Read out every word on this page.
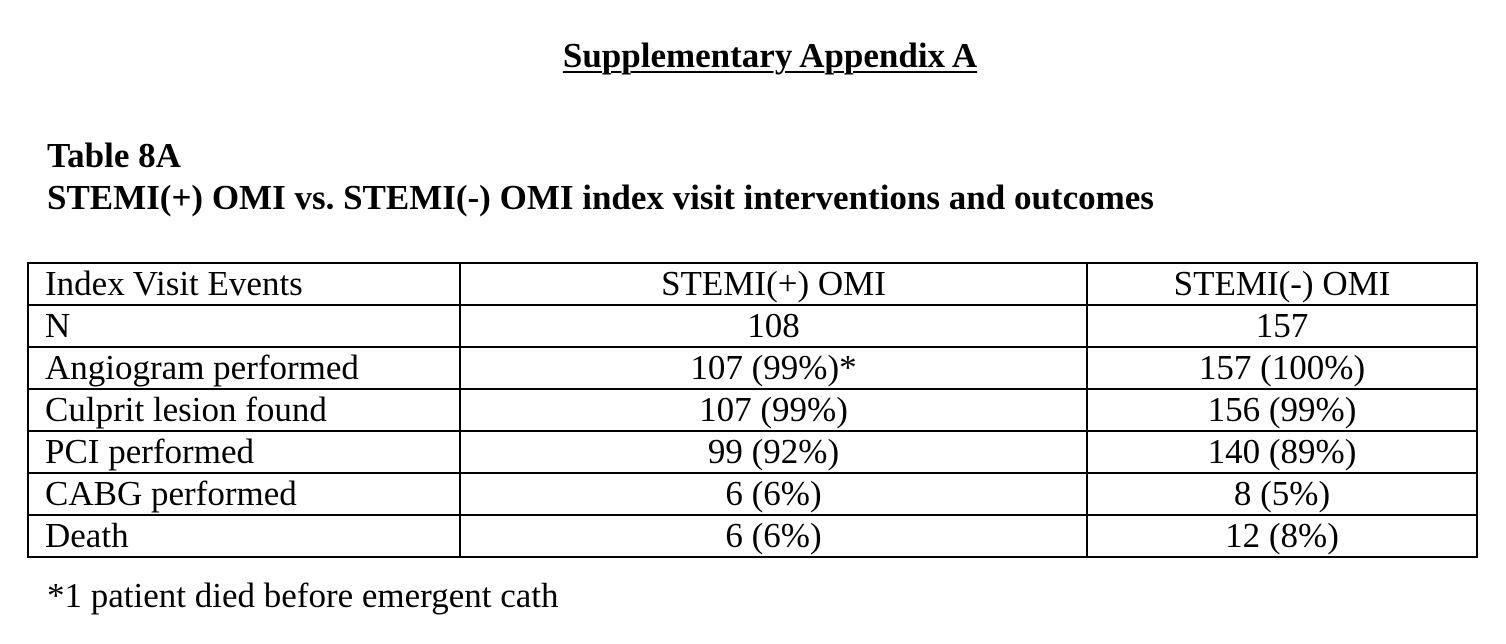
Supplementary Appendix A
Table 8A
STEMI(+) OMI vs. STEMI(-) OMI index visit interventions and outcomes
Index Visit Events	STEMI(+) OMI	STEMI(-) OMI
N	108	157
Angiogram performed	107 (99%)*	157 (100%)
Culprit lesion found	107 (99%)	156 (99%)
PCI performed	99 (92%)	140 (89%)
CABG performed	6 (6%)	8 (5%)
Death	6 (6%)	12 (8%)
*1 patient died before emergent cath
